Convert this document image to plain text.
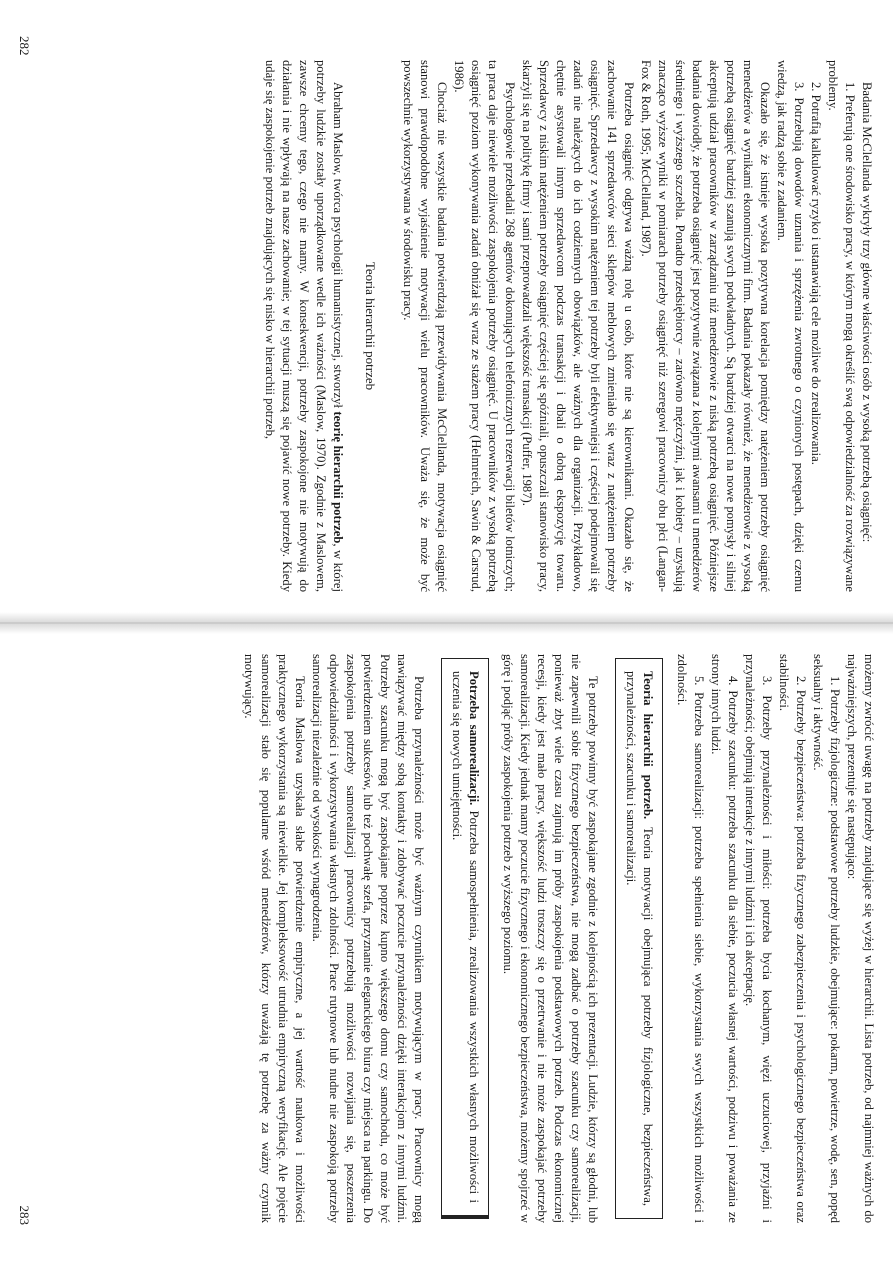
Badania McClellanda wykryły trzy główne właściwości osób z wysoką potrzebą osiągnięć:

1. Preferują one środowisko pracy, w którym mogą określić swą odpowiedzialność za rozwiązywane problemy.

2. Potrafią kalkulować ryzyko i ustanawiają cele możliwe do zrealizowania.

3. Potrzebują dowodów uznania i sprzężenia zwrotnego o czynionych postępach, dzięki czemu wiedzą, jak radzą sobie z zadaniem.

Okazało się, że istnieje wysoka pozytywna korelacja pomiędzy natężeniem potrzeby osiągnięć menedżerów a wynikami ekonomicznymi firm. Badania pokazały również, że menedżerowie z wysoką potrzebą osiągnięć bardziej szanują swych podwładnych. Są bardziej otwarci na nowe pomysły i silniej akceptują udział pracowników w zarządzaniu niż menedżerowie z niską potrzebą osiągnięć. Późniejsze badania dowiodły, że potrzeba osiągnięć jest pozytywnie związana z kolejnymi awansami u menedżerów średniego i wyższego szczebla. Ponadto przedsiębiorcy – zarówno mężczyźni, jak i kobiety – uzyskują znacząco wyższe wyniki w pomiarach potrzeby osiągnięć niż szeregowi pracownicy obu płci (Langan-Fox & Roth, 1995; McClelland, 1987).

Potrzeba osiągnięć odgrywa ważną rolę u osób, które nie są kierownikami. Okazało się, że zachowanie 141 sprzedawców sieci sklepów meblowych zmieniało się wraz z natężeniem potrzeby osiągnięć. Sprzedawcy z wysokim natężeniem tej potrzeby byli efektywniejsi i częściej podejmowali się zadań nie należących do ich codziennych obowiązków, ale ważnych dla organizacji. Przykładowo, chętnie asystowali innym sprzedawcom podczas transakcji i dbali o dobrą ekspozycję towaru. Sprzedawcy z niskim natężeniem potrzeby osiągnięć częściej się spóźniali, opuszczali stanowisko pracy, skarżyli się na politykę firmy i sami przeprowadzali większość transakcji (Puffer, 1987).

Psychologowie przebadali 268 agentów dokonujących telefonicznych rezerwacji biletów lotniczych; ta praca daje niewiele możliwości zaspokojenia potrzeby osiągnięć. U pracowników z wysoką potrzebą osiągnięć poziom wykonywania zadań obniżał się wraz ze stażem pracy (Helmreich, Sawin & Carsrud, 1986).

Chociaż nie wszystkie badania potwierdzają przewidywania McClellanda, motywacja osiągnięć stanowi prawdopodobne wyjaśnienie motywacji wielu pracowników. Uważa się, że może być powszechnie wykorzystywana w środowisku pracy.

Teoria hierarchii potrzeb

Abraham Maslow, twórca psychologii humanistycznej, stworzył teorię hierarchii potrzeb, w której potrzeby ludzkie zostały uporządkowane wedle ich ważności (Maslow, 1970). Zgodnie z Maslowem, zawsze chcemy tego, czego nie mamy. W konsekwencji, potrzeby zaspokojone nie motywują do działania i nie wpływają na nasze zachowanie; w tej sytuacji muszą się pojawić nowe potrzeby. Kiedy udaje się zaspokojenie potrzeb znajdujących się nisko w hierarchii potrzeb,

282

możemy zwrócić uwagę na potrzeby znajdujące się wyżej w hierarchii. Lista potrzeb, od najmniej ważnych do najważniejszych, prezentuje się następująco:

1. Potrzeby fizjologiczne: podstawowe potrzeby ludzkie, obejmujące: pokarm, powietrze, wodę, sen, popęd seksualny i aktywność.

2. Potrzeby bezpieczeństwa: potrzeba fizycznego zabezpieczenia i psychologicznego bezpieczeństwa oraz stabilności.

3. Potrzeby przynależności i miłości: potrzeba bycia kochanym, więzi uczuciowej, przyjaźni i przynależności; obejmują interakcje z innymi ludźmi i ich akceptację.

4. Potrzeby szacunku: potrzeba szacunku dla siebie, poczucia własnej wartości, podziwu i poważania ze strony innych ludzi.

5. Potrzeba samorealizacji: potrzeba spełnienia siebie, wykorzystania swych wszystkich możliwości i zdolności.

Teoria hierarchii potrzeb. Teoria motywacji obejmująca potrzeby fizjologiczne, bezpieczeństwa, przynależności, szacunku i samorealizacji.

Te potrzeby powinny być zaspokajane zgodnie z kolejnością ich prezentacji. Ludzie, którzy są głodni, lub nie zapewnili sobie fizycznego bezpieczeństwa, nie mogą zadbać o potrzeby szacunku czy samorealizacji, ponieważ zbyt wiele czasu zajmują im próby zaspokojenia podstawowych potrzeb. Podczas ekonomicznej recesji, kiedy jest mało pracy, większość ludzi troszczy się o przetrwanie i nie może zaspokajać potrzeby samorealizacji. Kiedy jednak mamy poczucie fizycznego i ekonomicznego bezpieczeństwa, możemy spojrzeć w górę i podjąć próby zaspokojenia potrzeb z wyższego poziomu.

Potrzeba samorealizacji. Potrzeba samospełnienia, zrealizowania wszystkich własnych możliwości i uczenia się nowych umiejętności.

Potrzeba przynależności może być ważnym czynnikiem motywującym w pracy. Pracownicy mogą nawiązywać między sobą kontakty i zdobywać poczucie przynależności dzięki interakcjom z innymi ludźmi. Potrzeby szacunku mogą być zaspokajane poprzez kupno większego domu czy samochodu, co może być potwierdzeniem sukcesów, lub też pochwałę szefa, przyznanie eleganckiego biura czy miejsca na parkingu. Do zaspokojenia potrzeby samorealizacji pracownicy potrzebują możliwości rozwijania się, poszerzenia odpowiedzialności i wykorzystywania własnych zdolności. Prace rutynowe lub nudne nie zaspokoją potrzeby samorealizacji niezależnie od wysokości wynagrodzenia.

Teoria Maslowa uzyskała słabe potwierdzenie empiryczne, a jej wartość naukowa i możliwości praktycznego wykorzystania są niewielkie. Jej kompleksowość utrudnia empiryczną weryfikację. Ale pojęcie samorealizacji stało się popularne wśród menedżerów, którzy uważają tę potrzebę za ważny czynnik motywujący.

283
